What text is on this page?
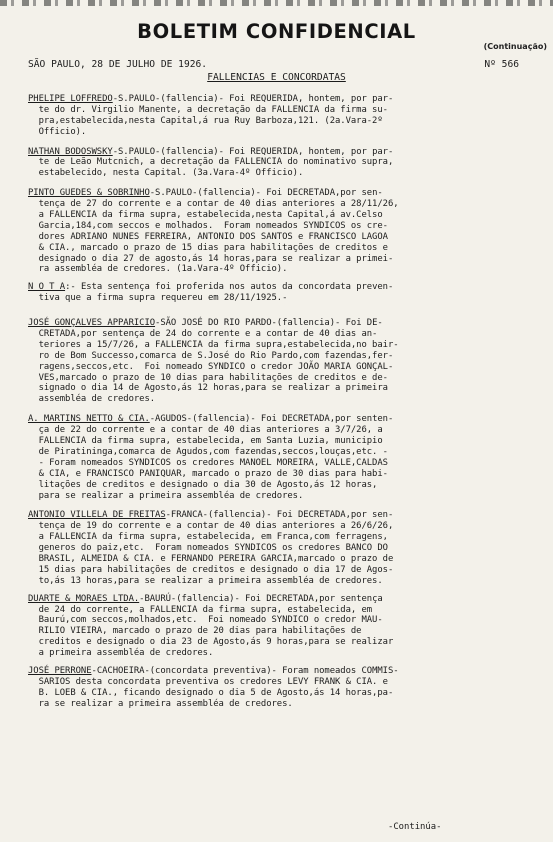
BOLETIM CONFIDENCIAL
(Continuação)
SÃO PAULO, 28 DE JULHO DE 1926.	Nº 566
FALLENCIAS E CONCORDATAS
PHELIPE LOFFREDO-S.PAULO-(fallencia)- Foi REQUERIDA, hontem, por par-
te do dr. Virgilio Manente, a decretação da FALLENCIA da firma su-
pra,estabelecida,nesta Capital,á rua Ruy Barboza,121. (2a.Vara-2º
Officio).
NATHAN BODOSWSKY-S.PAULO-(fallencia)- Foi REQUERIDA, hontem, por par-
te de Leão Mutcnich, a decretação da FALLENCIA do nominativo supra,
estabelecido, nesta Capital. (3a.Vara-4º Officio).
PINTO GUEDES & SOBRINHO-S.PAULO-(fallencia)- Foi DECRETADA,por sen-
tença de 27 do corrente e a contar de 40 dias anteriores a 28/11/26,
a FALLENCIA da firma supra, estabelecida,nesta Capital,á av.Celso
Garcia,184,com seccos e molhados.  Foram nomeados SYNDICOS os cre-
dores ADRIANO NUNES FERREIRA, ANTONIO DOS SANTOS e FRANCISCO LAGOA
& CIA., marcado o prazo de 15 dias para habilitações de creditos e
designado o dia 27 de agosto,ás 14 horas,para se realizar a primei-
ra assembléa de credores. (1a.Vara-4º Officio).
N O T A:- Esta sentença foi proferida nos autos da concordata preven-
tiva que a firma supra requereu em 28/11/1925.-
JOSÉ GONÇALVES APPARICIO-SÃO JOSÉ DO RIO PARDO-(fallencia)- Foi DE-
CRETADA,por sentença de 24 do corrente e a contar de 40 dias an-
teriores a 15/7/26, a FALLENCIA da firma supra,estabelecida,no bair-
ro de Bom Successo,comarca de S.José do Rio Pardo,com fazendas,fer-
ragens,seccos,etc.  Foi nomeado SYNDICO o credor JOÃO MARIA GONÇAL-
VES,marcado o prazo de 10 dias para habilitações de creditos e de-
signado o dia 14 de Agosto,ás 12 horas,para se realizar a primeira
assembléa de credores.
A. MARTINS NETTO & CIA.-AGUDOS-(fallencia)- Foi DECRETADA,por senten-
ça de 22 do corrente e a contar de 40 dias anteriores a 3/7/26, a
FALLENCIA da firma supra, estabelecida, em Santa Luzia, municipio
de Piratininga,comarca de Agudos,com fazendas,seccos,louças,etc. -
- Foram nomeados SYNDICOS os credores MANOEL MOREIRA, VALLE,CALDAS
& CIA, e FRANCISCO PANIQUAR, marcado o prazo de 30 dias para habi-
litações de creditos e designado o dia 30 de Agosto,ás 12 horas,
para se realizar a primeira assembléa de credores.
ANTONIO VILLELA DE FREITAS-FRANCA-(fallencia)- Foi DECRETADA,por sen-
tença de 19 do corrente e a contar de 40 dias anteriores a 26/6/26,
a FALLENCIA da firma supra, estabelecida, em Franca,com ferragens,
generos do paiz,etc.  Foram nomeados SYNDICOS os credores BANCO DO
BRASIL, ALMEIDA & CIA. e FERNANDO PEREIRA GARCIA,marcado o prazo de
15 dias para habilitações de creditos e designado o dia 17 de Agos-
to,ás 13 horas,para se realizar a primeira assembléa de credores.
DUARTE & MORAES LTDA.-BAURÚ-(fallencia)- Foi DECRETADA,por sentença
de 24 do corrente, a FALLENCIA da firma supra, estabelecida, em
Baurú,com seccos,molhados,etc.  Foi nomeado SYNDICO o credor MAU-
RILIO VIEIRA, marcado o prazo de 20 dias para habilitações de
creditos e designado o dia 23 de Agosto,ás 9 horas,para se realizar
a primeira assembléa de credores.
JOSÉ PERRONE-CACHOEIRA-(concordata preventiva)- Foram nomeados COMMIS-
SARIOS desta concordata preventiva os credores LEVY FRANK & CIA. e
B. LOEB & CIA., ficando designado o dia 5 de Agosto,ás 14 horas,pa-
ra se realizar a primeira assembléa de credores.
-Continúa-
